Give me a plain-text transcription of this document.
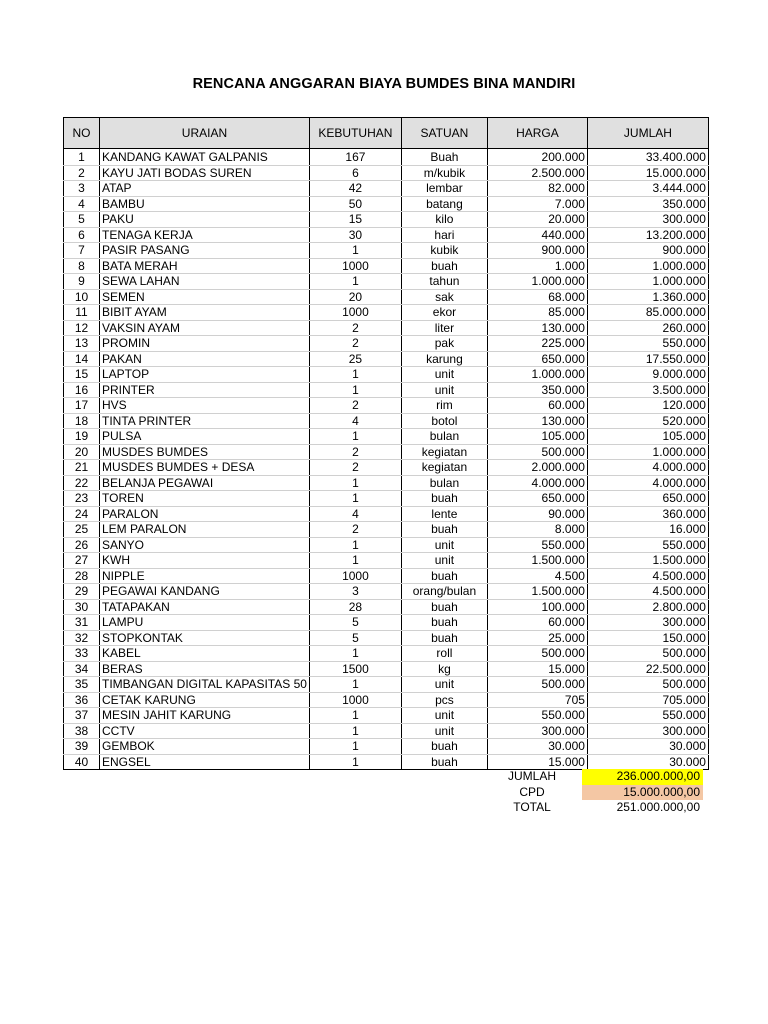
RENCANA ANGGARAN BIAYA BUMDES BINA MANDIRI
NO	URAIAN	KEBUTUHAN	SATUAN	HARGA	JUMLAH
1	KANDANG KAWAT GALPANIS	167	Buah	200.000	33.400.000
2	KAYU JATI BODAS SUREN	6	m/kubik	2.500.000	15.000.000
3	ATAP	42	lembar	82.000	3.444.000
4	BAMBU	50	batang	7.000	350.000
5	PAKU	15	kilo	20.000	300.000
6	TENAGA KERJA	30	hari	440.000	13.200.000
7	PASIR PASANG	1	kubik	900.000	900.000
8	BATA MERAH	1000	buah	1.000	1.000.000
9	SEWA LAHAN	1	tahun	1.000.000	1.000.000
10	SEMEN	20	sak	68.000	1.360.000
11	BIBIT AYAM	1000	ekor	85.000	85.000.000
12	VAKSIN AYAM	2	liter	130.000	260.000
13	PROMIN	2	pak	225.000	550.000
14	PAKAN	25	karung	650.000	17.550.000
15	LAPTOP	1	unit	1.000.000	9.000.000
16	PRINTER	1	unit	350.000	3.500.000
17	HVS	2	rim	60.000	120.000
18	TINTA PRINTER	4	botol	130.000	520.000
19	PULSA	1	bulan	105.000	105.000
20	MUSDES BUMDES	2	kegiatan	500.000	1.000.000
21	MUSDES BUMDES + DESA	2	kegiatan	2.000.000	4.000.000
22	BELANJA PEGAWAI	1	bulan	4.000.000	4.000.000
23	TOREN	1	buah	650.000	650.000
24	PARALON	4	lente	90.000	360.000
25	LEM PARALON	2	buah	8.000	16.000
26	SANYO	1	unit	550.000	550.000
27	KWH	1	unit	1.500.000	1.500.000
28	NIPPLE	1000	buah	4.500	4.500.000
29	PEGAWAI KANDANG	3	orang/bulan	1.500.000	4.500.000
30	TATAPAKAN	28	buah	100.000	2.800.000
31	LAMPU	5	buah	60.000	300.000
32	STOPKONTAK	5	buah	25.000	150.000
33	KABEL	1	roll	500.000	500.000
34	BERAS	1500	kg	15.000	22.500.000
35	TIMBANGAN DIGITAL KAPASITAS 50	1	unit	500.000	500.000
36	CETAK KARUNG	1000	pcs	705	705.000
37	MESIN JAHIT KARUNG	1	unit	550.000	550.000
38	CCTV	1	unit	300.000	300.000
39	GEMBOK	1	buah	30.000	30.000
40	ENGSEL	1	buah	15.000	30.000
JUMLAH	236.000.000,00
CPD	15.000.000,00
TOTAL	251.000.000,00
